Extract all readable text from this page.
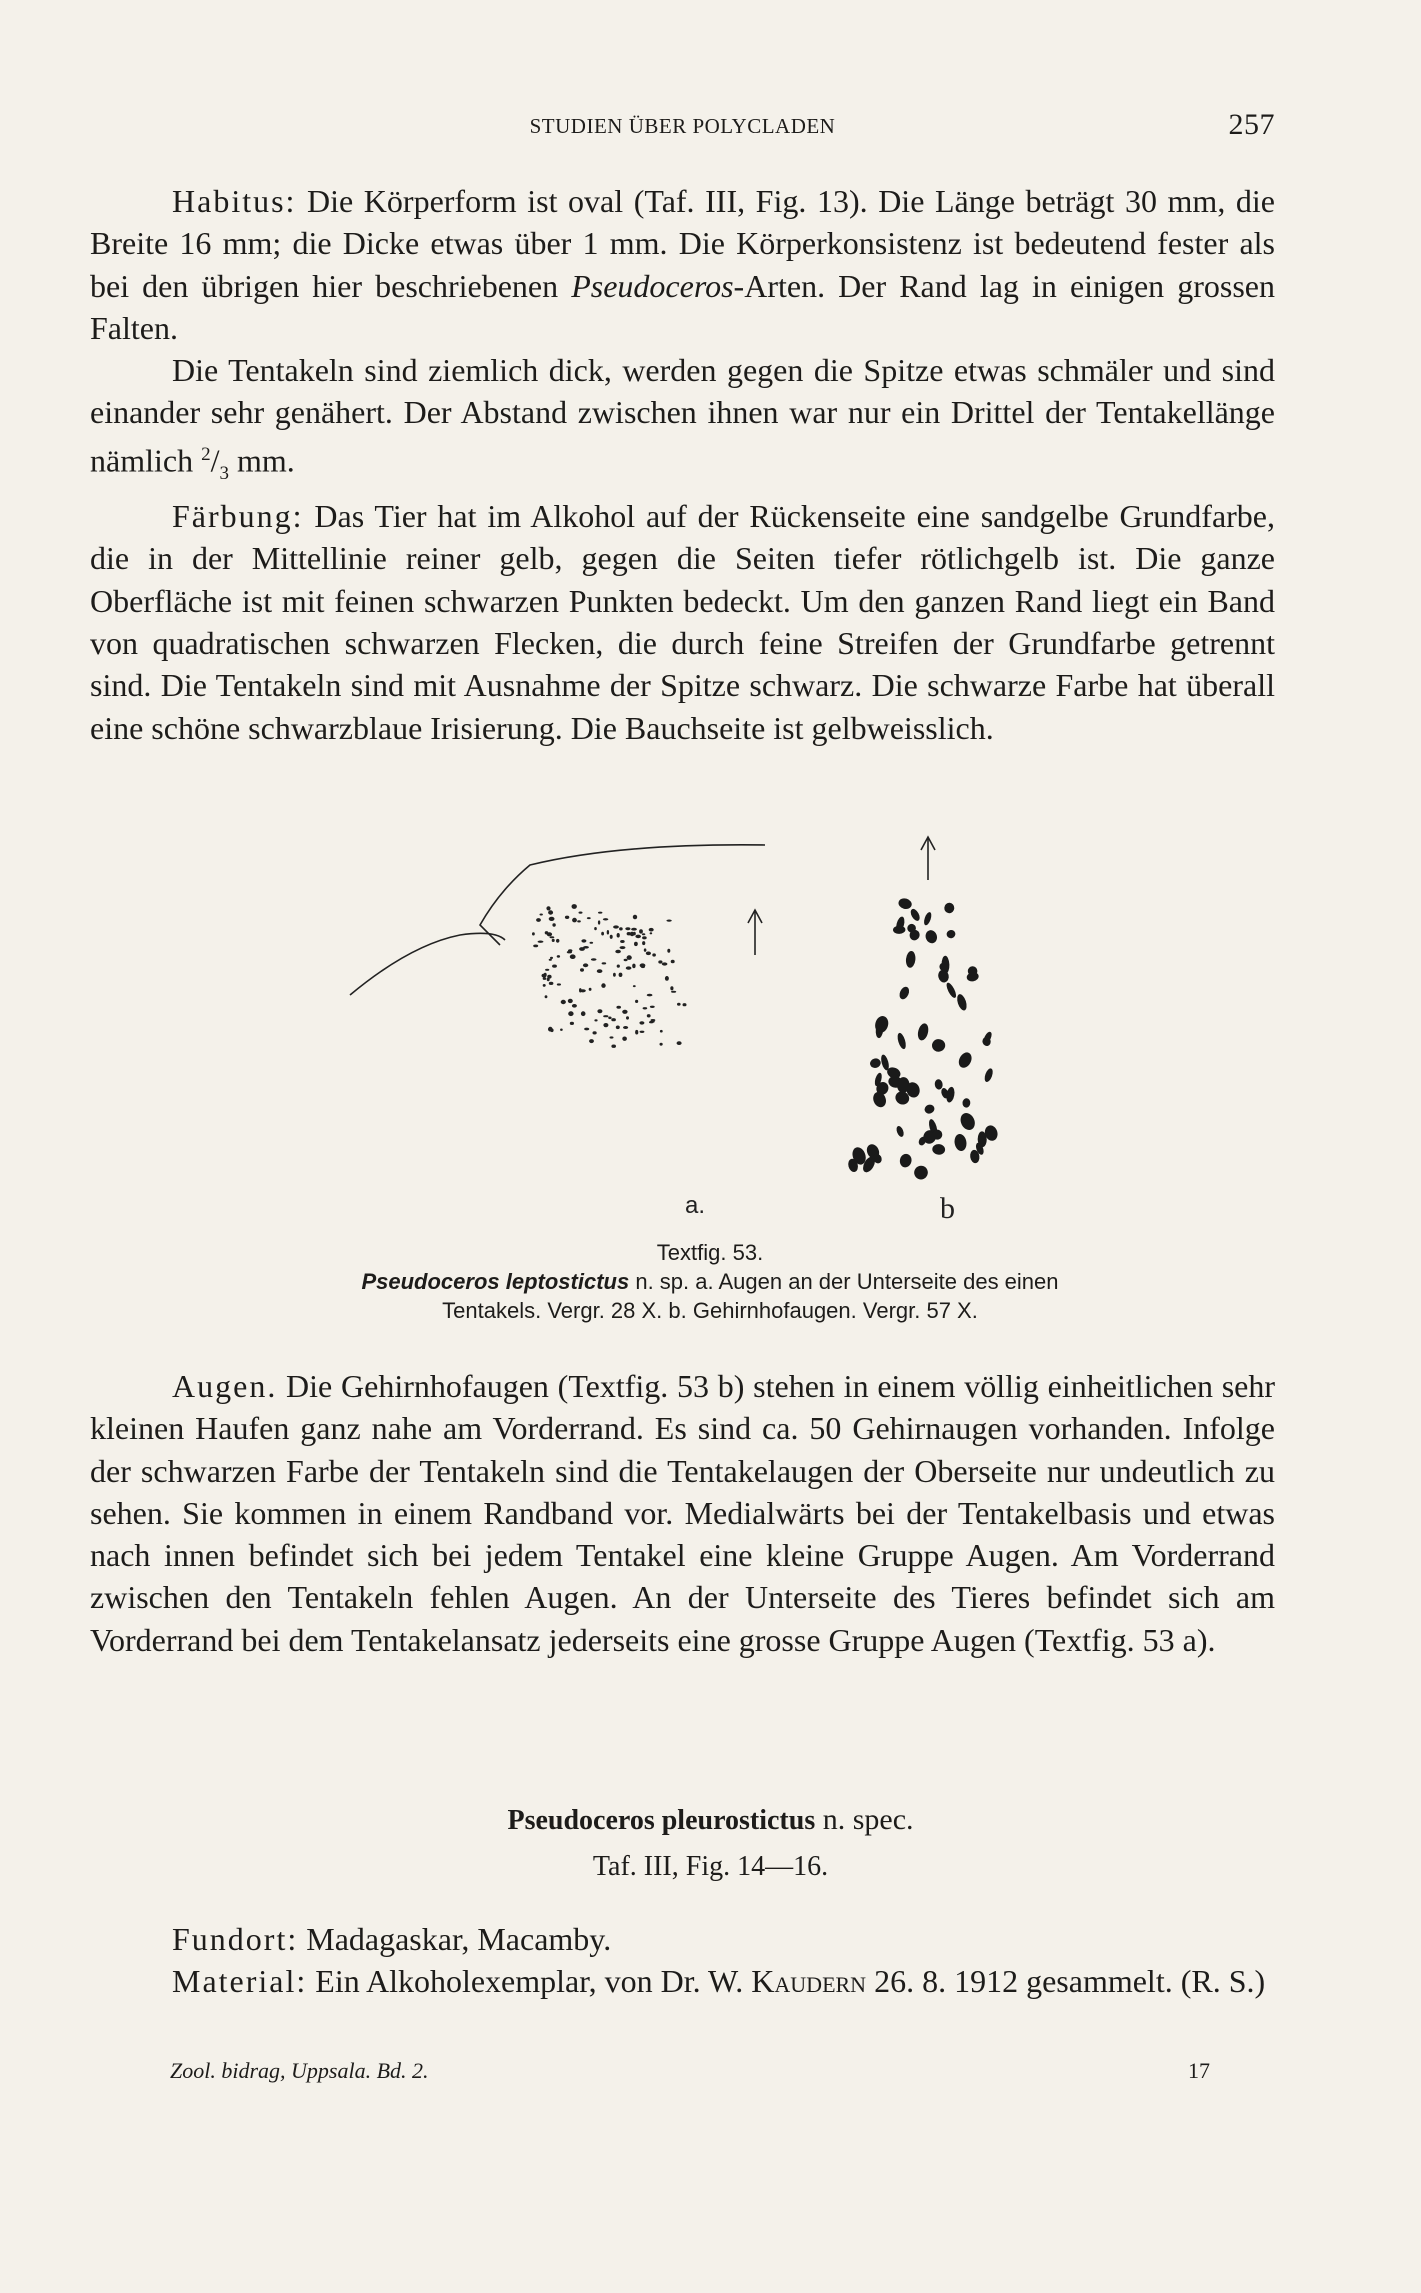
STUDIEN ÜBER POLYCLADEN	257

Habitus: Die Körperform ist oval (Taf. III, Fig. 13). Die Länge beträgt 30 mm, die Breite 16 mm; die Dicke etwas über 1 mm. Die Körperkonsistenz ist bedeutend fester als bei den übrigen hier beschriebenen Pseudoceros-Arten. Der Rand lag in einigen grossen Falten.

Die Tentakeln sind ziemlich dick, werden gegen die Spitze etwas schmäler und sind einander sehr genähert. Der Abstand zwischen ihnen war nur ein Drittel der Tentakellänge nämlich $^2/_3$ mm.

Färbung: Das Tier hat im Alkohol auf der Rückenseite eine sandgelbe Grundfarbe, die in der Mittellinie reiner gelb, gegen die Seiten tiefer rötlichgelb ist. Die ganze Oberfläche ist mit feinen schwarzen Punkten bedeckt. Um den ganzen Rand liegt ein Band von quadratischen schwarzen Flecken, die durch feine Streifen der Grundfarbe getrennt sind. Die Tentakeln sind mit Ausnahme der Spitze schwarz. Die schwarze Farbe hat überall eine schöne schwarzblaue Irisierung. Die Bauchseite ist gelbweisslich.

a.	b
Textfig. 53.
Pseudoceros leptostictus n. sp. a. Augen an der Unterseite des einen
Tentakels. Vergr. 28 X. b. Gehirnhofaugen. Vergr. 57 X.

Augen. Die Gehirnhofaugen (Textfig. 53 b) stehen in einem völlig einheitlichen sehr kleinen Haufen ganz nahe am Vorderrand. Es sind ca. 50 Gehirnaugen vorhanden. Infolge der schwarzen Farbe der Tentakeln sind die Tentakelaugen der Oberseite nur undeutlich zu sehen. Sie kommen in einem Randband vor. Medialwärts bei der Tentakelbasis und etwas nach innen befindet sich bei jedem Tentakel eine kleine Gruppe Augen. Am Vorderrand zwischen den Tentakeln fehlen Augen. An der Unterseite des Tieres befindet sich am Vorderrand bei dem Tentakelansatz jederseits eine grosse Gruppe Augen (Textfig. 53 a).

Pseudoceros pleurostictus n. spec.
Taf. III, Fig. 14—16.

Fundort: Madagaskar, Macamby.

Material: Ein Alkoholexemplar, von Dr. W. Kaudern 26. 8. 1912 gesammelt. (R. S.)

Zool. bidrag, Uppsala. Bd. 2.	17
